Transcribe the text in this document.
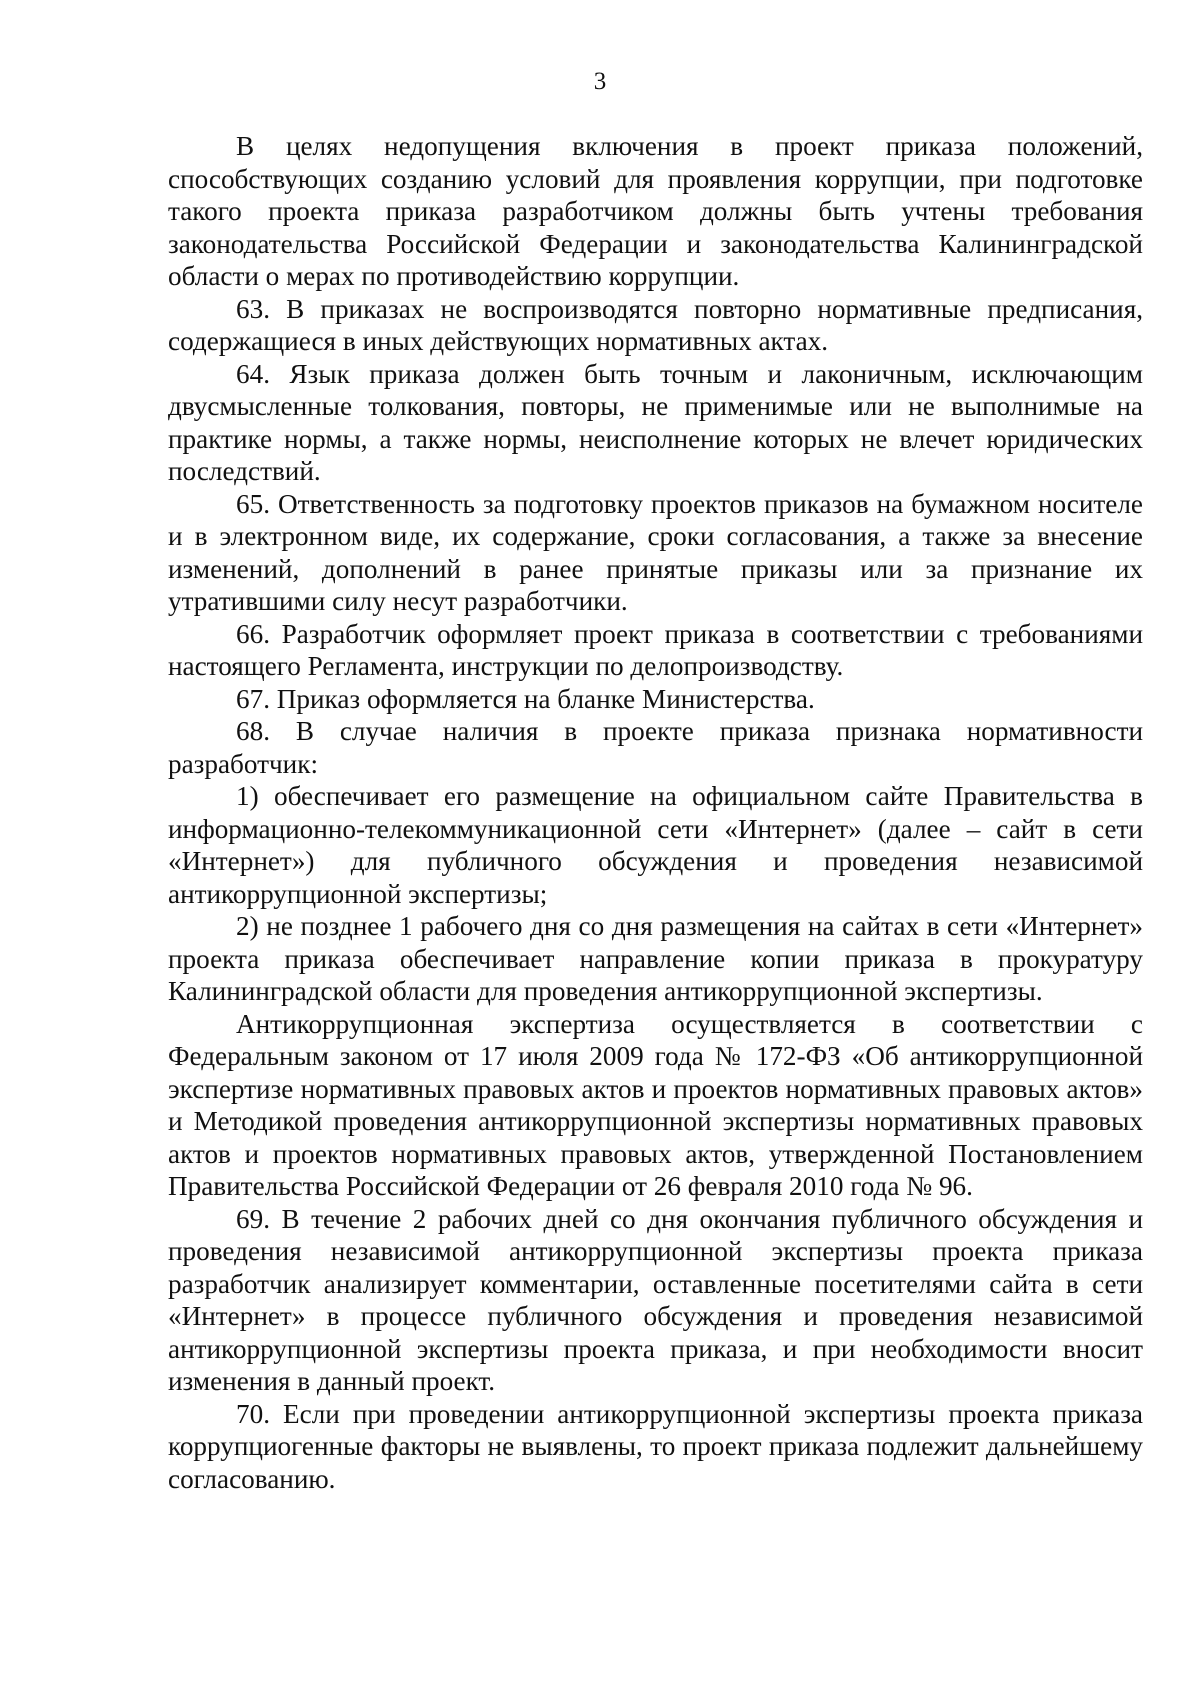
3

В целях недопущения включения в проект приказа положений, способствующих созданию условий для проявления коррупции, при подготовке такого проекта приказа разработчиком должны быть учтены требования законодательства Российской Федерации и законодательства Калининградской области о мерах по противодействию коррупции.

63. В приказах не воспроизводятся повторно нормативные предписания, содержащиеся в иных действующих нормативных актах.

64. Язык приказа должен быть точным и лаконичным, исключающим двусмысленные толкования, повторы, не применимые или не выполнимые на практике нормы, а также нормы, неисполнение которых не влечет юридических последствий.

65. Ответственность за подготовку проектов приказов на бумажном носителе и в электронном виде, их содержание, сроки согласования, а также за внесение изменений, дополнений в ранее принятые приказы или за признание их утратившими силу несут разработчики.

66. Разработчик оформляет проект приказа в соответствии с требованиями настоящего Регламента, инструкции по делопроизводству.

67. Приказ оформляется на бланке Министерства.

68. В случае наличия в проекте приказа признака нормативности разработчик:

1) обеспечивает его размещение на официальном сайте Правительства в информационно-телекоммуникационной сети «Интернет» (далее – сайт в сети «Интернет») для публичного обсуждения и проведения независимой антикоррупционной экспертизы;

2) не позднее 1 рабочего дня со дня размещения на сайтах в сети «Интернет» проекта приказа обеспечивает направление копии приказа в прокуратуру Калининградской области для проведения антикоррупционной экспертизы.

Антикоррупционная экспертиза осуществляется в соответствии с Федеральным законом от 17 июля 2009 года № 172-ФЗ «Об антикоррупционной экспертизе нормативных правовых актов и проектов нормативных правовых актов» и Методикой проведения антикоррупционной экспертизы нормативных правовых актов и проектов нормативных правовых актов, утвержденной Постановлением Правительства Российской Федерации от 26 февраля 2010 года № 96.

69. В течение 2 рабочих дней со дня окончания публичного обсуждения и проведения независимой антикоррупционной экспертизы проекта приказа разработчик анализирует комментарии, оставленные посетителями сайта в сети «Интернет» в процессе публичного обсуждения и проведения независимой антикоррупционной экспертизы проекта приказа, и при необходимости вносит изменения в данный проект.

70. Если при проведении антикоррупционной экспертизы проекта приказа коррупциогенные факторы не выявлены, то проект приказа подлежит дальнейшему согласованию.
